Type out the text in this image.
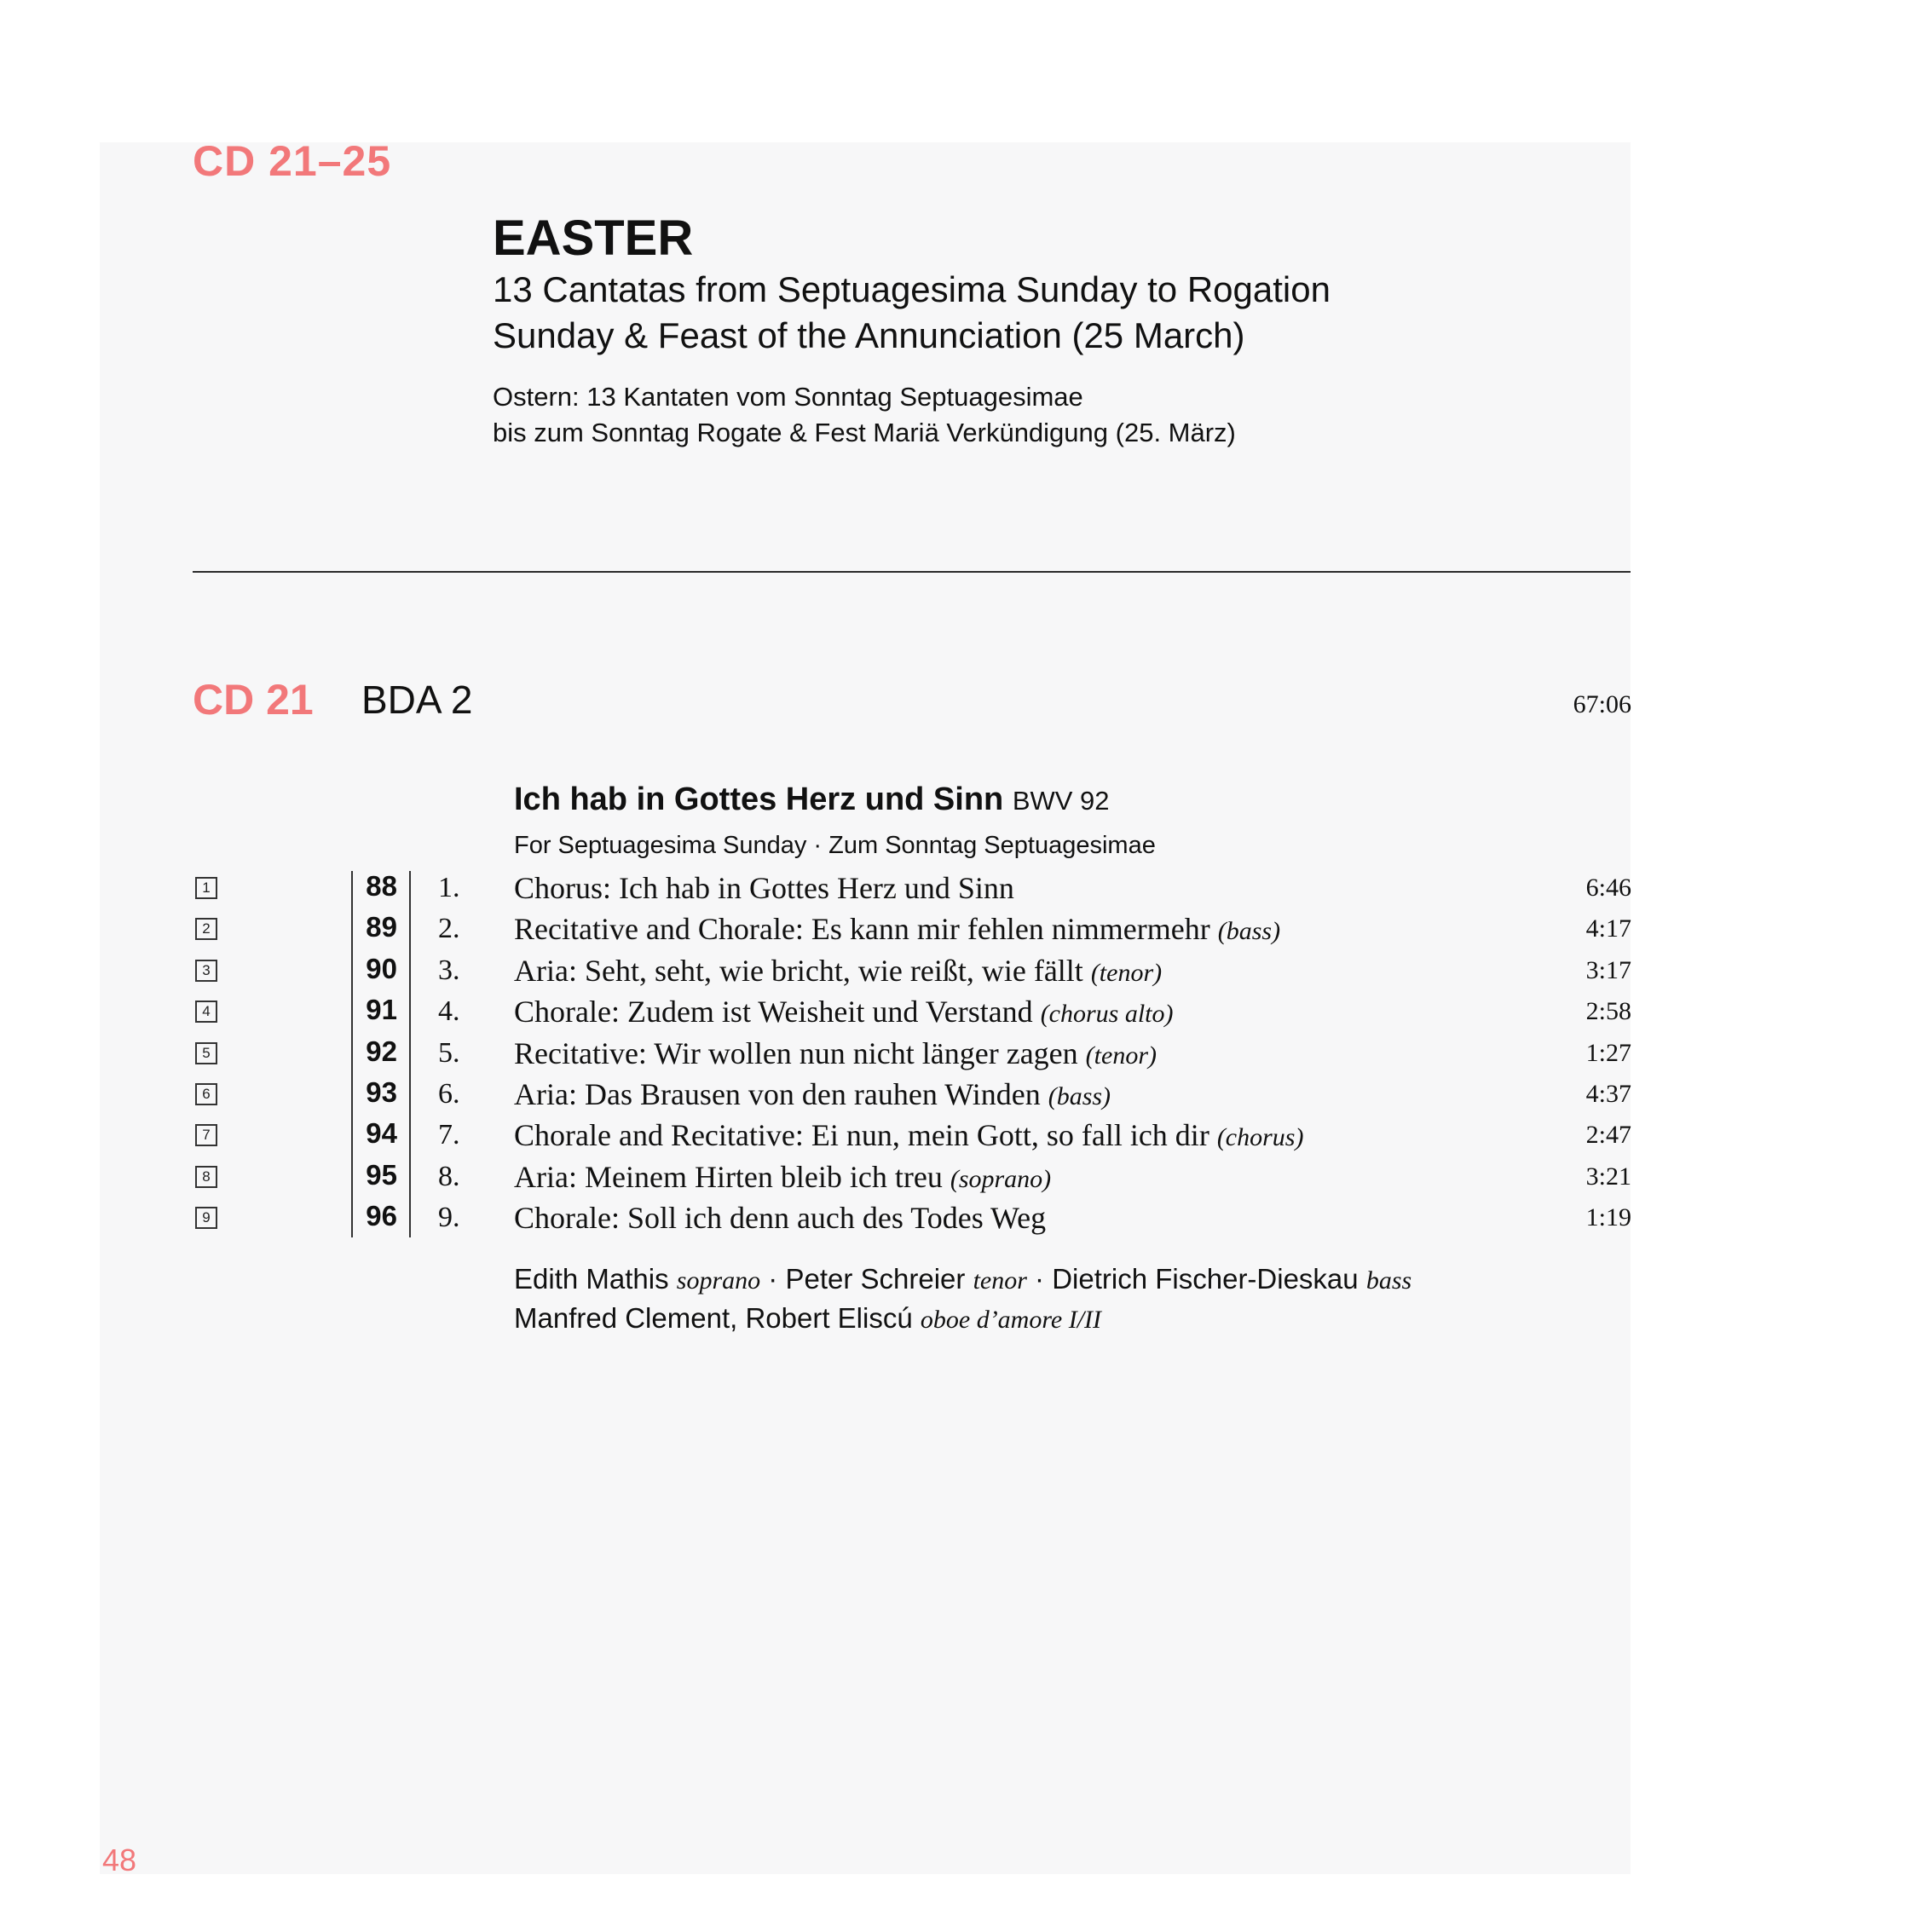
CD 21–25
EASTER
13 Cantatas from Septuagesima Sunday to Rogation
Sunday & Feast of the Annunciation (25 March)
Ostern: 13 Kantaten vom Sonntag Septuagesimae
bis zum Sonntag Rogate & Fest Mariä Verkündigung (25. März)
CD 21 BDA 2	67:06
Ich hab in Gottes Herz und Sinn BWV 92
For Septuagesima Sunday · Zum Sonntag Septuagesimae
1	88 1. Chorus: Ich hab in Gottes Herz und Sinn	6:46
2	89 2. Recitative and Chorale: Es kann mir fehlen nimmermehr (bass)	4:17
3	90 3. Aria: Seht, seht, wie bricht, wie reißt, wie fällt (tenor)	3:17
4	91 4. Chorale: Zudem ist Weisheit und Verstand (chorus alto)	2:58
5	92 5. Recitative: Wir wollen nun nicht länger zagen (tenor)	1:27
6	93 6. Aria: Das Brausen von den rauhen Winden (bass)	4:37
7	94 7. Chorale and Recitative: Ei nun, mein Gott, so fall ich dir (chorus)	2:47
8	95 8. Aria: Meinem Hirten bleib ich treu (soprano)	3:21
9	96 9. Chorale: Soll ich denn auch des Todes Weg	1:19
Edith Mathis soprano · Peter Schreier tenor · Dietrich Fischer-Dieskau bass
Manfred Clement, Robert Eliscú oboe d’amore I/II
48
